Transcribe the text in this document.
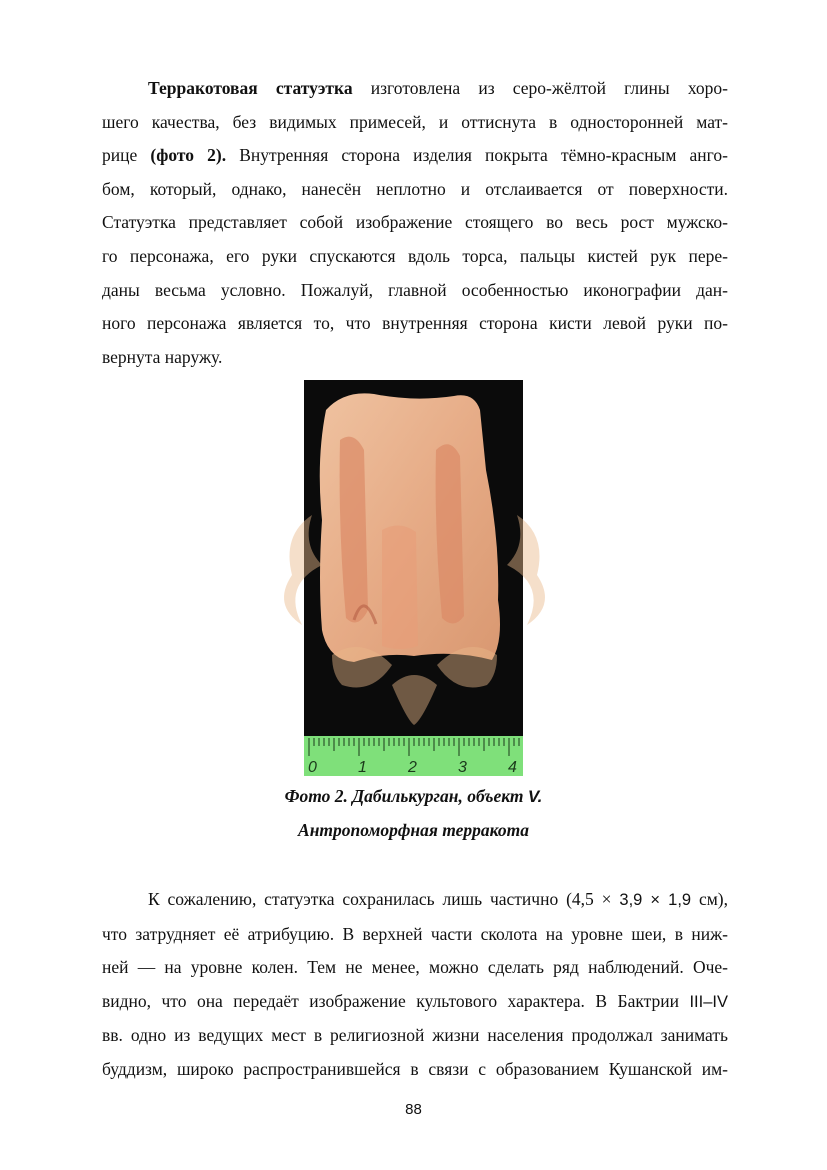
Терракотовая статуэтка изготовлена из серо‑жёлтой глины хоро-
шего качества, без видимых примесей, и оттиснута в односторонней мат-
рице (фото 2). Внутренняя сторона изделия покрыта тёмно‑красным анго-
бом, который, однако, нанесён неплотно и отслаивается от поверхности.
Статуэтка представляет собой изображение стоящего во весь рост мужско-
го персонажа, его руки спускаются вдоль торса, пальцы кистей рук пере-
даны весьма условно. Пожалуй, главной особенностью иконографии дан-
ного персонажа является то, что внутренняя сторона кисти левой руки по-
вернута наружу.
0	1	2	3	4
Фото 2. Дабилькурган, объект V.
Антропоморфная терракота
К сожалению, статуэтка сохранилась лишь частично (4,5 × 3,9 × 1,9 см),
что затрудняет её атрибуцию. В верхней части сколота на уровне шеи, в ниж-
ней — на уровне колен. Тем не менее, можно сделать ряд наблюдений. Оче-
видно, что она передаёт изображение культового характера. В Бактрии III–IV
вв. одно из ведущих мест в религиозной жизни населения продолжал занимать
буддизм, широко распространившейся в связи с образованием Кушанской им-
88
